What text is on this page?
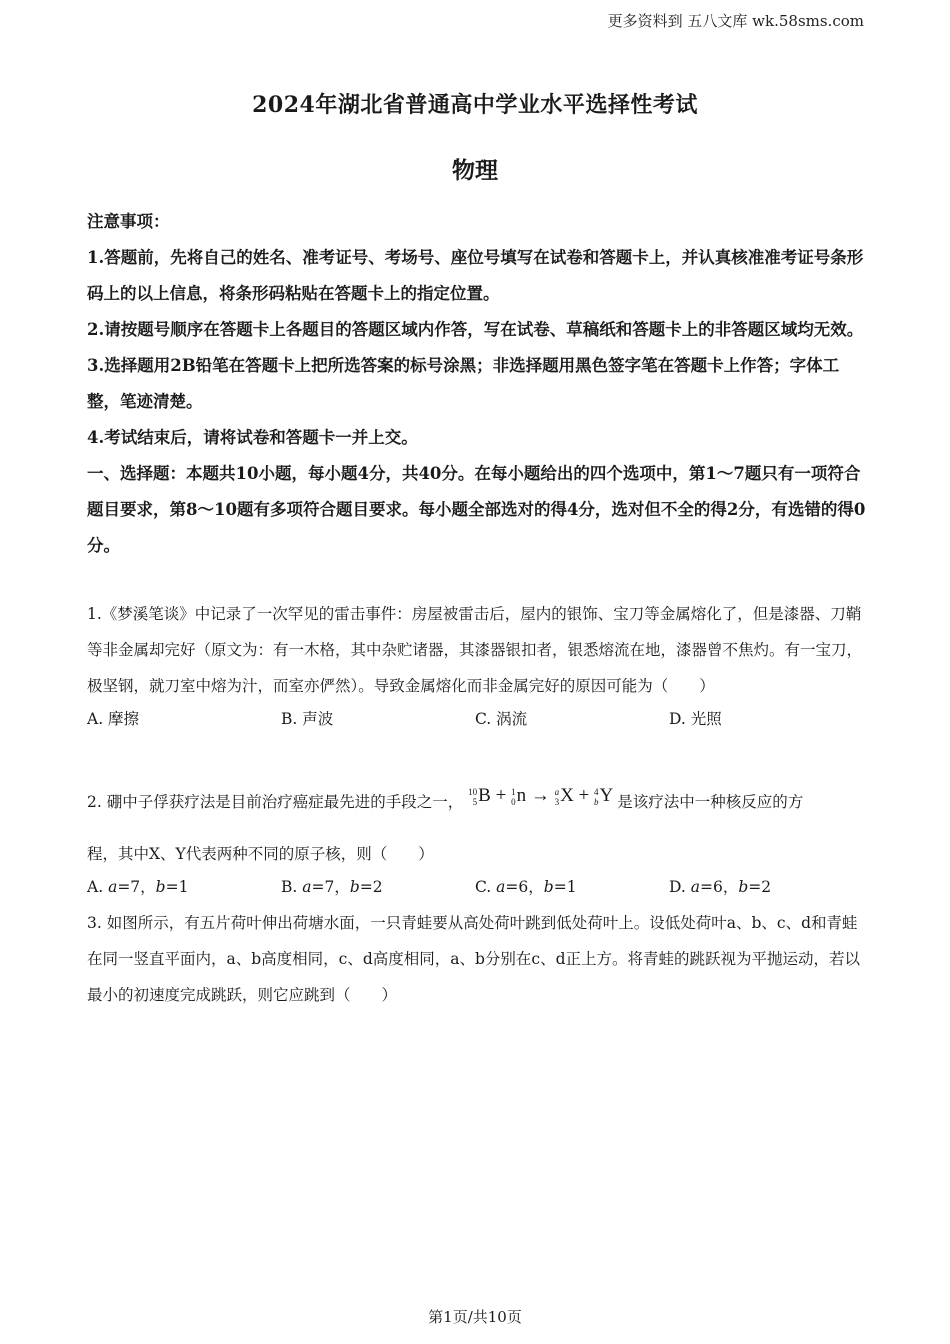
更多资料到 五八文库 wk.58sms.com
2024年湖北省普通高中学业水平选择性考试
物理

注意事项：

1.答题前，先将自己的姓名、准考证号、考场号、座位号填写在试卷和答题卡上，并认真核准准考证号条形码上的以上信息，将条形码粘贴在答题卡上的指定位置。

2.请按题号顺序在答题卡上各题目的答题区域内作答，写在试卷、草稿纸和答题卡上的非答题区域均无效。

3.选择题用2B铅笔在答题卡上把所选答案的标号涂黑；非选择题用黑色签字笔在答题卡上作答；字体工整，笔迹清楚。

4.考试结束后，请将试卷和答题卡一并上交。

一、选择题：本题共10小题，每小题4分，共40分。在每小题给出的四个选项中，第1～7题只有一项符合题目要求，第8～10题有多项符合题目要求。每小题全部选对的得4分，选对但不全的得2分，有选错的得0分。

1.《梦溪笔谈》中记录了一次罕见的雷击事件：房屋被雷击后，屋内的银饰、宝刀等金属熔化了，但是漆器、刀鞘等非金属却完好（原文为：有一木格，其中杂贮诸器，其漆器银扣者，银悉熔流在地，漆器曾不焦灼。有一宝刀，极坚钢，就刀室中熔为汁，而室亦俨然）。导致金属熔化而非金属完好的原因可能为（　　）

A. 摩擦	B. 声波	C. 涡流	D. 光照

2. 硼中子俘获疗法是目前治疗癌症最先进的手段之一，
10
5 B + 1
0 n → a
3 X + 4
b Y 是该疗法中一种核反应的方

程，其中X、Y代表两种不同的原子核，则（　　）

A. a=7，b=1	B. a=7，b=2	C. a=6，b=1	D. a=6，b=2

3. 如图所示，有五片荷叶伸出荷塘水面，一只青蛙要从高处荷叶跳到低处荷叶上。设低处荷叶a、b、c、d和青蛙在同一竖直平面内，a、b高度相同，c、d高度相同，a、b分别在c、d正上方。将青蛙的跳跃视为平抛运动，若以最小的初速度完成跳跃，则它应跳到（　　）

第1页/共10页
